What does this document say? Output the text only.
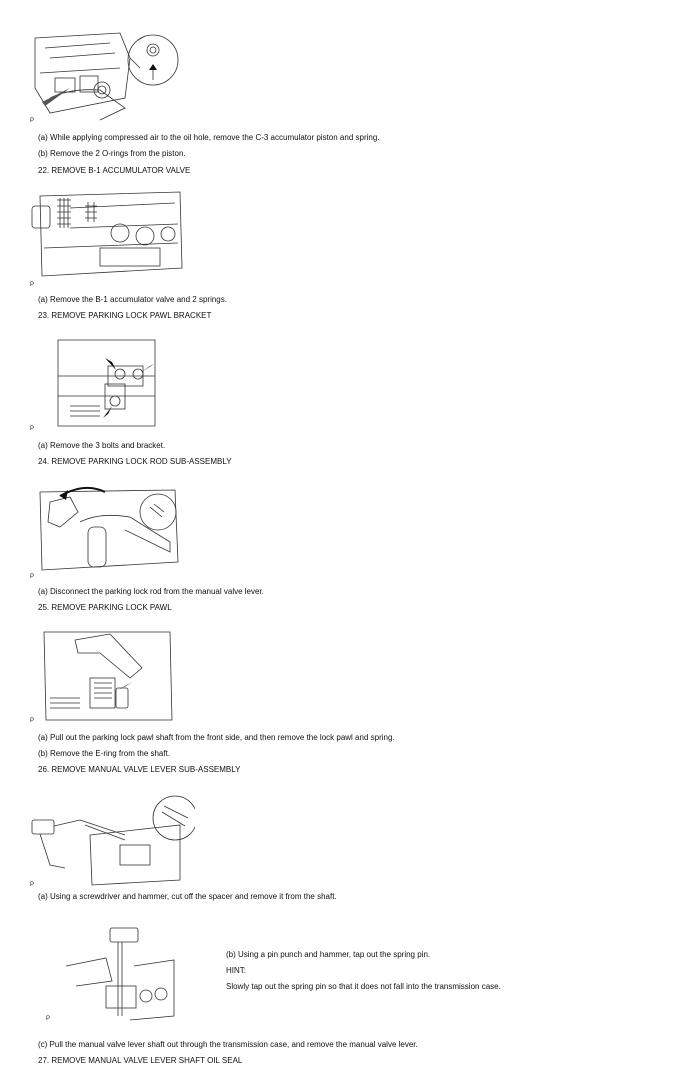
P
(a) While applying compressed air to the oil hole, remove the C-3 accumulator piston and spring.
(b) Remove the 2 O-rings from the piston.
22. REMOVE B-1 ACCUMULATOR VALVE
P
(a) Remove the B-1 accumulator valve and 2 springs.
23. REMOVE PARKING LOCK PAWL BRACKET
P
(a) Remove the 3 bolts and bracket.
24. REMOVE PARKING LOCK ROD SUB-ASSEMBLY
P
(a) Disconnect the parking lock rod from the manual valve lever.
25. REMOVE PARKING LOCK PAWL
P
(a) Pull out the parking lock pawl shaft from the front side, and then remove the lock pawl and spring.
(b) Remove the E-ring from the shaft.
26. REMOVE MANUAL VALVE LEVER SUB-ASSEMBLY
P
(a) Using a screwdriver and hammer, cut off the spacer and remove it from the shaft.
P
(b) Using a pin punch and hammer, tap out the spring pin.
HINT:
Slowly tap out the spring pin so that it does not fall into the transmission case.
(c) Pull the manual valve lever shaft out through the transmission case, and remove the manual valve lever.
27. REMOVE MANUAL VALVE LEVER SHAFT OIL SEAL
